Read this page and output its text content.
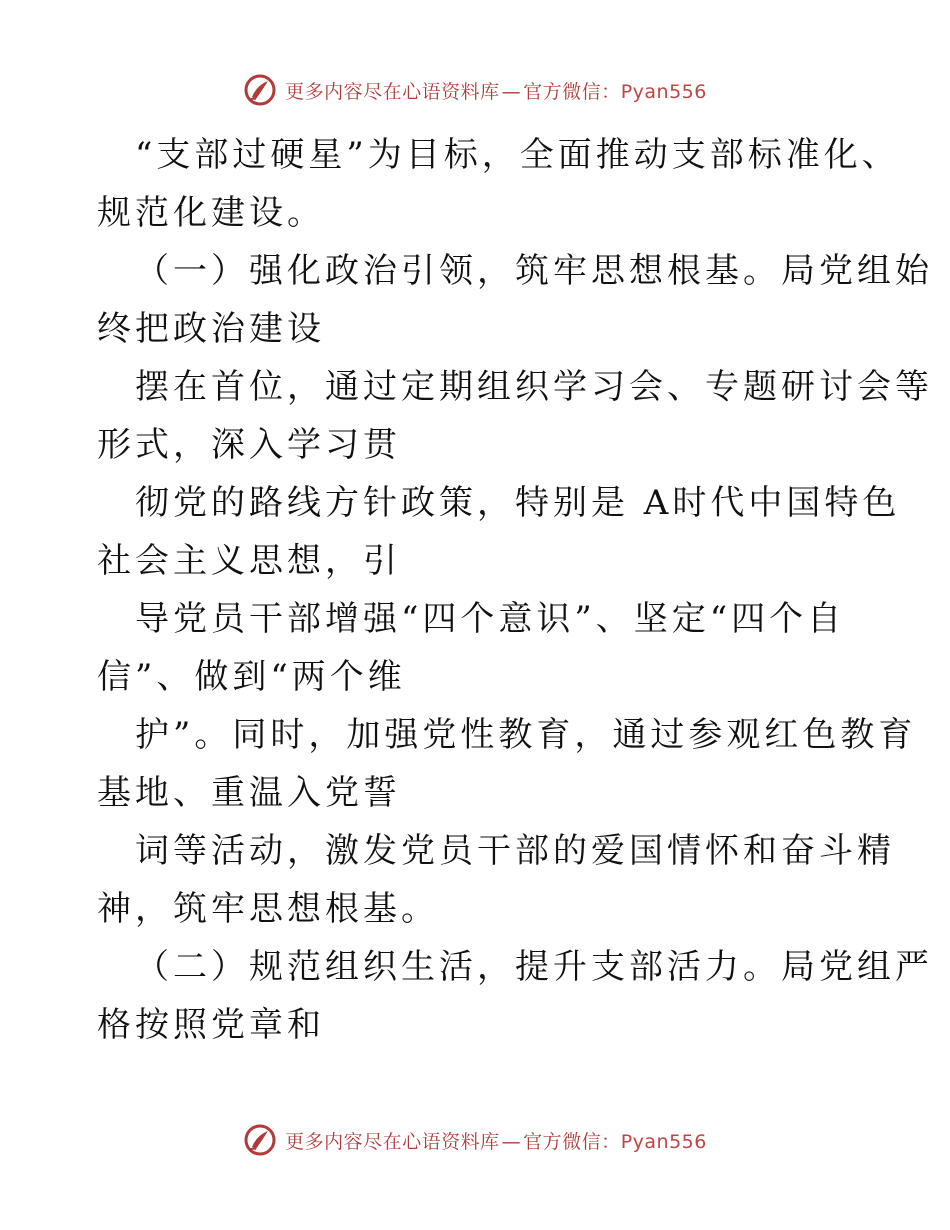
更多内容尽在心语资料库 — 官方微信：Pyan556
“支部过硬星”为目标，全面推动支部标准化、
规范化建设。
（一）强化政治引领，筑牢思想根基。局党组始
终把政治建设
摆在首位，通过定期组织学习会、专题研讨会等
形式，深入学习贯
彻党的路线方针政策，特别是 A时代中国特色
社会主义思想，引
导党员干部增强“四个意识”、坚定“四个自
信”、做到“两个维
护”。同时，加强党性教育，通过参观红色教育
基地、重温入党誓
词等活动，激发党员干部的爱国情怀和奋斗精
神，筑牢思想根基。
（二）规范组织生活，提升支部活力。局党组严
格按照党章和
更多内容尽在心语资料库 — 官方微信：Pyan556
